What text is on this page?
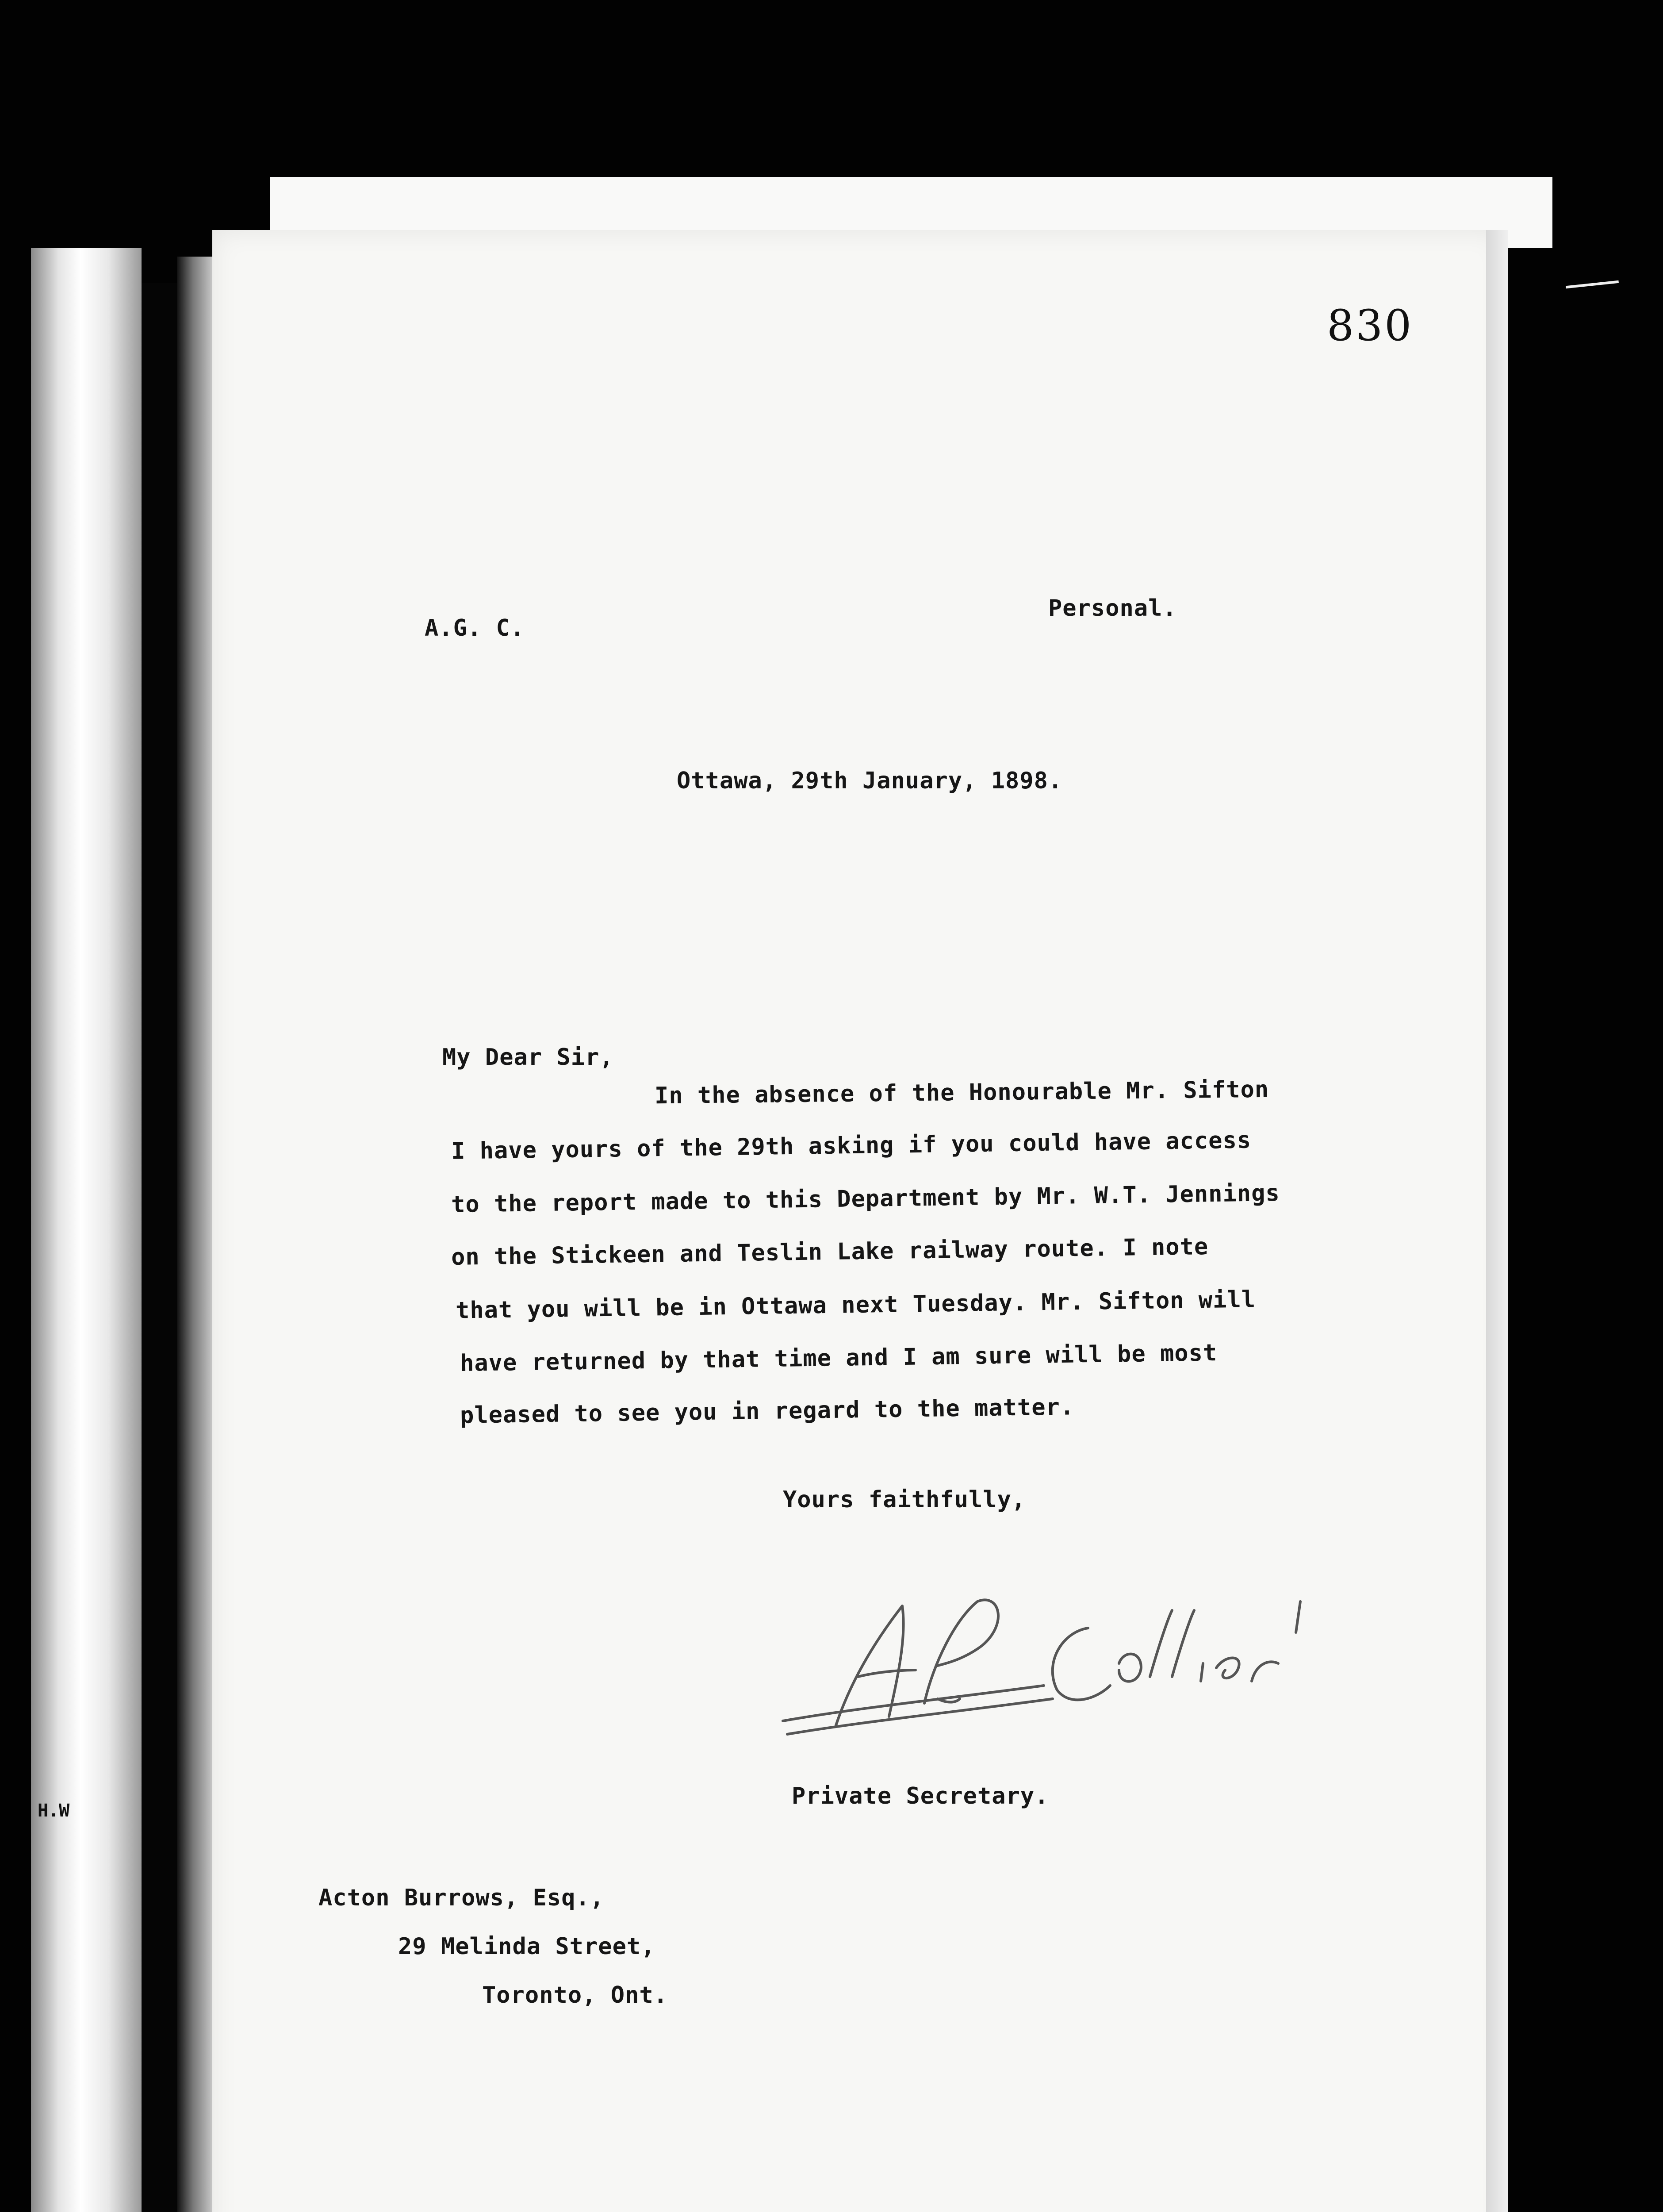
H.W
830
A.G. C.
Personal.
Ottawa, 29th January, 1898.
My Dear Sir,
In the absence of the Honourable Mr. Sifton
I have yours of the 29th asking if you could have access
to the report made to this Department by Mr. W.T. Jennings
on the Stickeen and Teslin Lake railway route. I note
that you will be in Ottawa next Tuesday. Mr. Sifton will
have returned by that time and I am sure will be most
pleased to see you in regard to the matter.
Yours faithfully,
Private Secretary.
Acton Burrows, Esq.,
29 Melinda Street,
Toronto, Ont.
